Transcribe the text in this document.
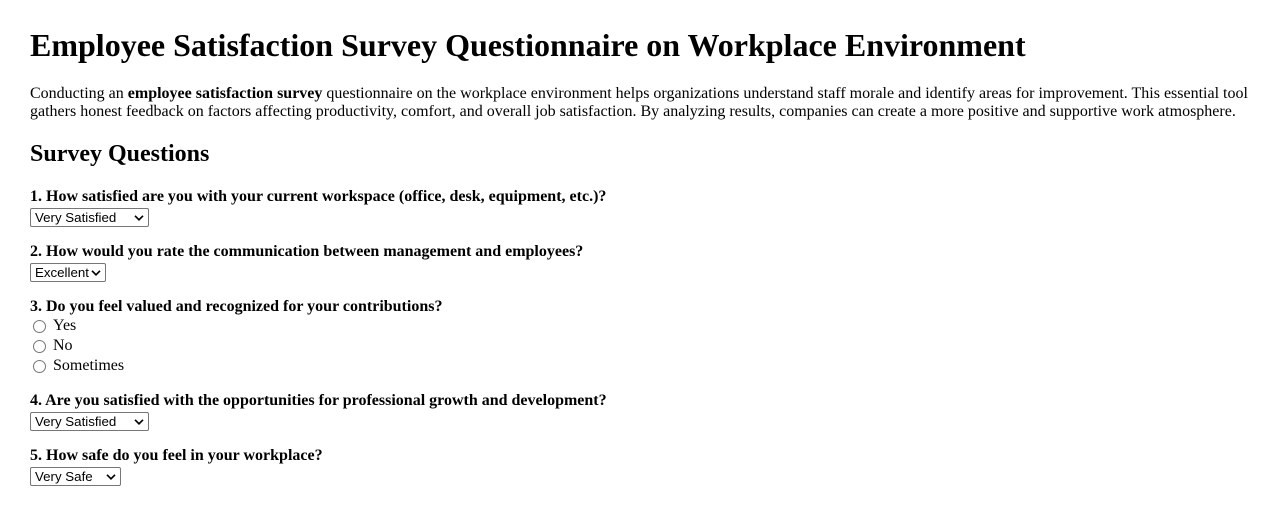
Employee Satisfaction Survey Questionnaire on Workplace Environment

Conducting an employee satisfaction survey questionnaire on the workplace environment helps organizations understand staff morale and identify areas for improvement. This essential tool gathers honest feedback on factors affecting productivity, comfort, and overall job satisfaction. By analyzing results, companies can create a more positive and supportive work atmosphere.

Survey Questions

1. How satisfied are you with your current workspace (office, desk, equipment, etc.)?

Very Satisfied

2. How would you rate the communication between management and employees?

Excellent

3. Do you feel valued and recognized for your contributions?

Yes
No
Sometimes

4. Are you satisfied with the opportunities for professional growth and development?

Very Satisfied

5. How safe do you feel in your workplace?

Very Safe
